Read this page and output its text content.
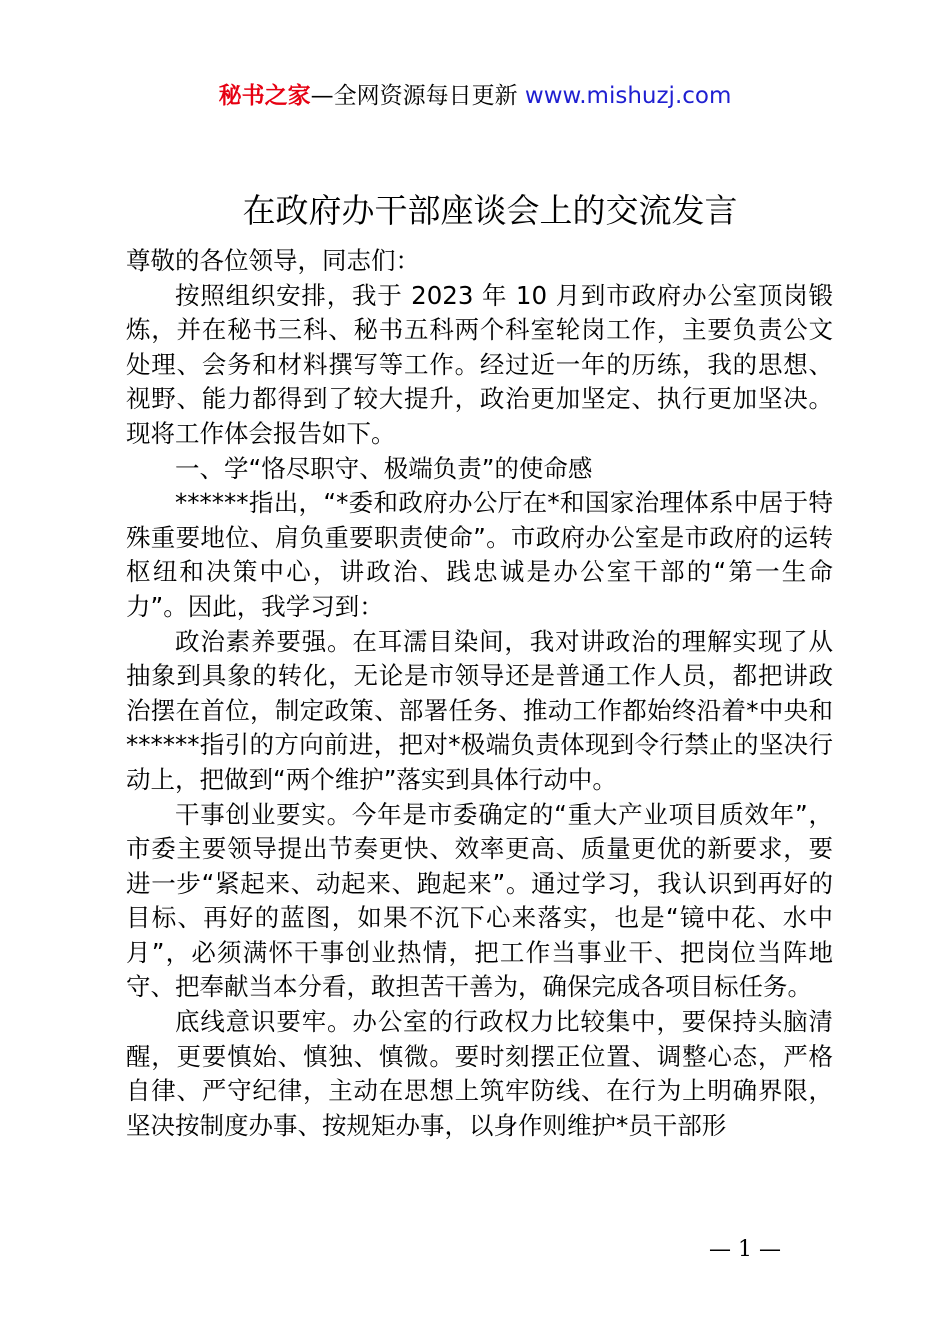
秘书之家—全网资源每日更新 www.mishuzj.com
在政府办干部座谈会上的交流发言

尊敬的各位领导，同志们：

按照组织安排，我于 2023 年 10 月到市政府办公室顶岗锻炼，并在秘书三科、秘书五科两个科室轮岗工作，主要负责公文处理、会务和材料撰写等工作。经过近一年的历练，我的思想、视野、能力都得到了较大提升，政治更加坚定、执行更加坚决。现将工作体会报告如下。

一、学“恪尽职守、极端负责”的使命感

******指出，“*委和政府办公厅在*和国家治理体系中居于特殊重要地位、肩负重要职责使命”。市政府办公室是市政府的运转枢纽和决策中心，讲政治、践忠诚是办公室干部的“第一生命力”。因此，我学习到：

政治素养要强。在耳濡目染间，我对讲政治的理解实现了从抽象到具象的转化，无论是市领导还是普通工作人员，都把讲政治摆在首位，制定政策、部署任务、推动工作都始终沿着*中央和******指引的方向前进，把对*极端负责体现到令行禁止的坚决行动上，把做到“两个维护”落实到具体行动中。

干事创业要实。今年是市委确定的“重大产业项目质效年”，市委主要领导提出节奏更快、效率更高、质量更优的新要求，要进一步“紧起来、动起来、跑起来”。通过学习，我认识到再好的目标、再好的蓝图，如果不沉下心来落实，也是“镜中花、水中月”，必须满怀干事创业热情，把工作当事业干、把岗位当阵地守、把奉献当本分看，敢担苦干善为，确保完成各项目标任务。

底线意识要牢。办公室的行政权力比较集中，要保持头脑清醒，更要慎始、慎独、慎微。要时刻摆正位置、调整心态，严格自律、严守纪律，主动在思想上筑牢防线、在行为上明确界限，坚决按制度办事、按规矩办事，以身作则维护*员干部形

— 1 —
